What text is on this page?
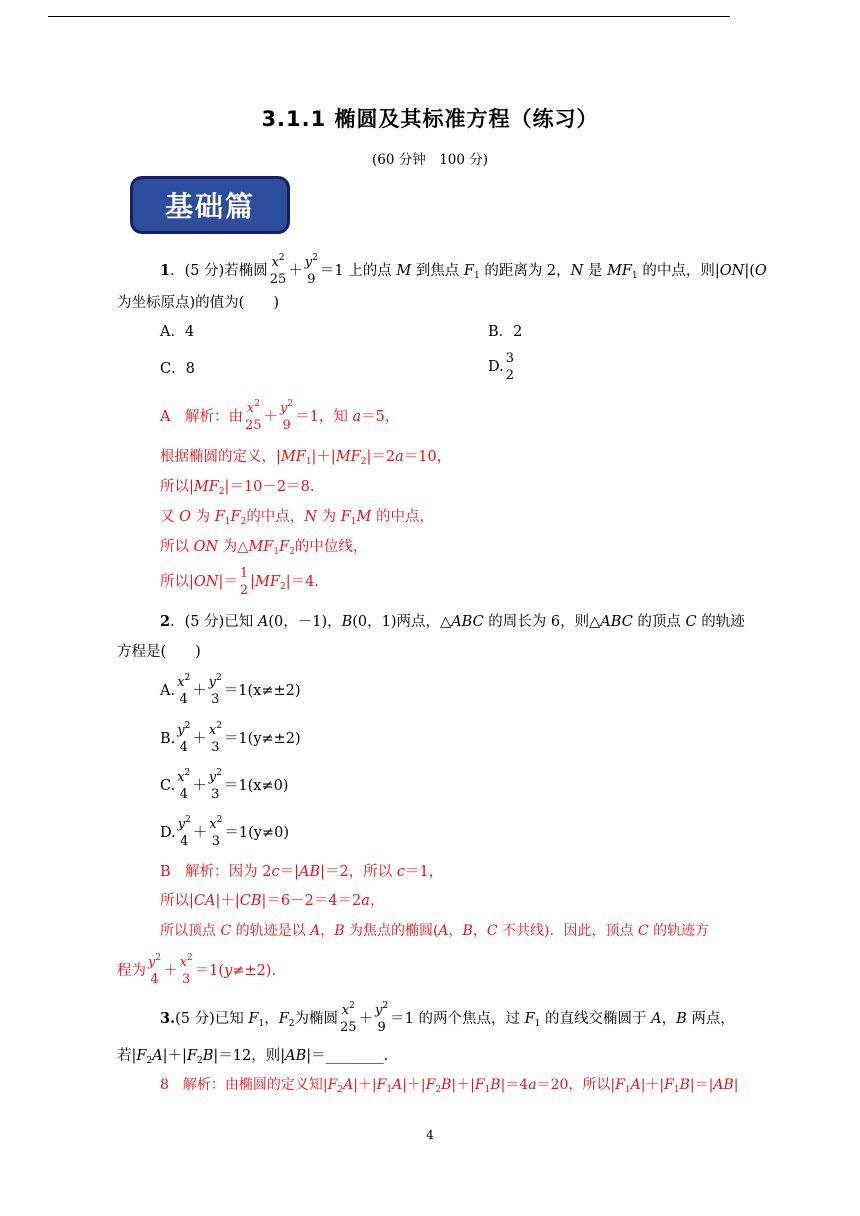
3.1.1 椭圆及其标准方程（练习）
(60 分钟　100 分)
基础篇
1．(5 分)若椭圆
$x^2$
25
＋
$y^2$
9
＝1 上的点 M 到焦点 $F_1$ 的距离为 2，N 是 $MF_1$ 的中点，则|ON|(O
为坐标原点)的值为(　　)
A．4	B．2
C．8	D.
3
2
A　解析：由
$x^2$
25
＋
$y^2$
9
＝1，知 a＝5，
根据椭圆的定义，$|MF_1|+|MF_2|=2a=10$，
所以$|MF_2|=10-2=8$.
又 O 为 $F_1F_2$的中点，N 为 $F_1M$ 的中点，
所以 ON 为$\triangle MF_1F_2$的中位线，
所以|ON|＝
1
2
$|MF_2|=4$.
2．(5 分)已知 A(0，－1)，B(0，1)两点，△ABC 的周长为 6，则△ABC 的顶点 C 的轨迹
方程是(　　)
A.
$x^2$
4
＋
$y^2$
3
＝1(x≠±2)
B.
$y^2$
4
＋
$x^2$
3
＝1(y≠±2)
C.
$x^2$
4
＋
$y^2$
3
＝1(x≠0)
D.
$y^2$
4
＋
$x^2$
3
＝1(y≠0)
B　解析：因为 2c＝|AB|＝2，所以 c＝1，
所以|CA|＋|CB|＝6－2＝4＝2a，
所以顶点 C 的轨迹是以 A，B 为焦点的椭圆(A，B，C 不共线)．因此，顶点 C 的轨迹方
程为
$y^2$
4
＋
$x^2$
3
＝1(y≠±2).
3.(5 分)已知 $F_1$，$F_2$为椭圆
$x^2$
25
＋
$y^2$
9
＝1 的两个焦点，过 $F_1$ 的直线交椭圆于 A，B 两点，
若$|F_2A|+|F_2B|=12$，则|AB|＝________.
8　解析：由椭圆的定义知$|F_2A|+|F_1A|+|F_2B|+|F_1B|=4a=20$，所以$|F_1A|+|F_1B|=|AB|$
4
